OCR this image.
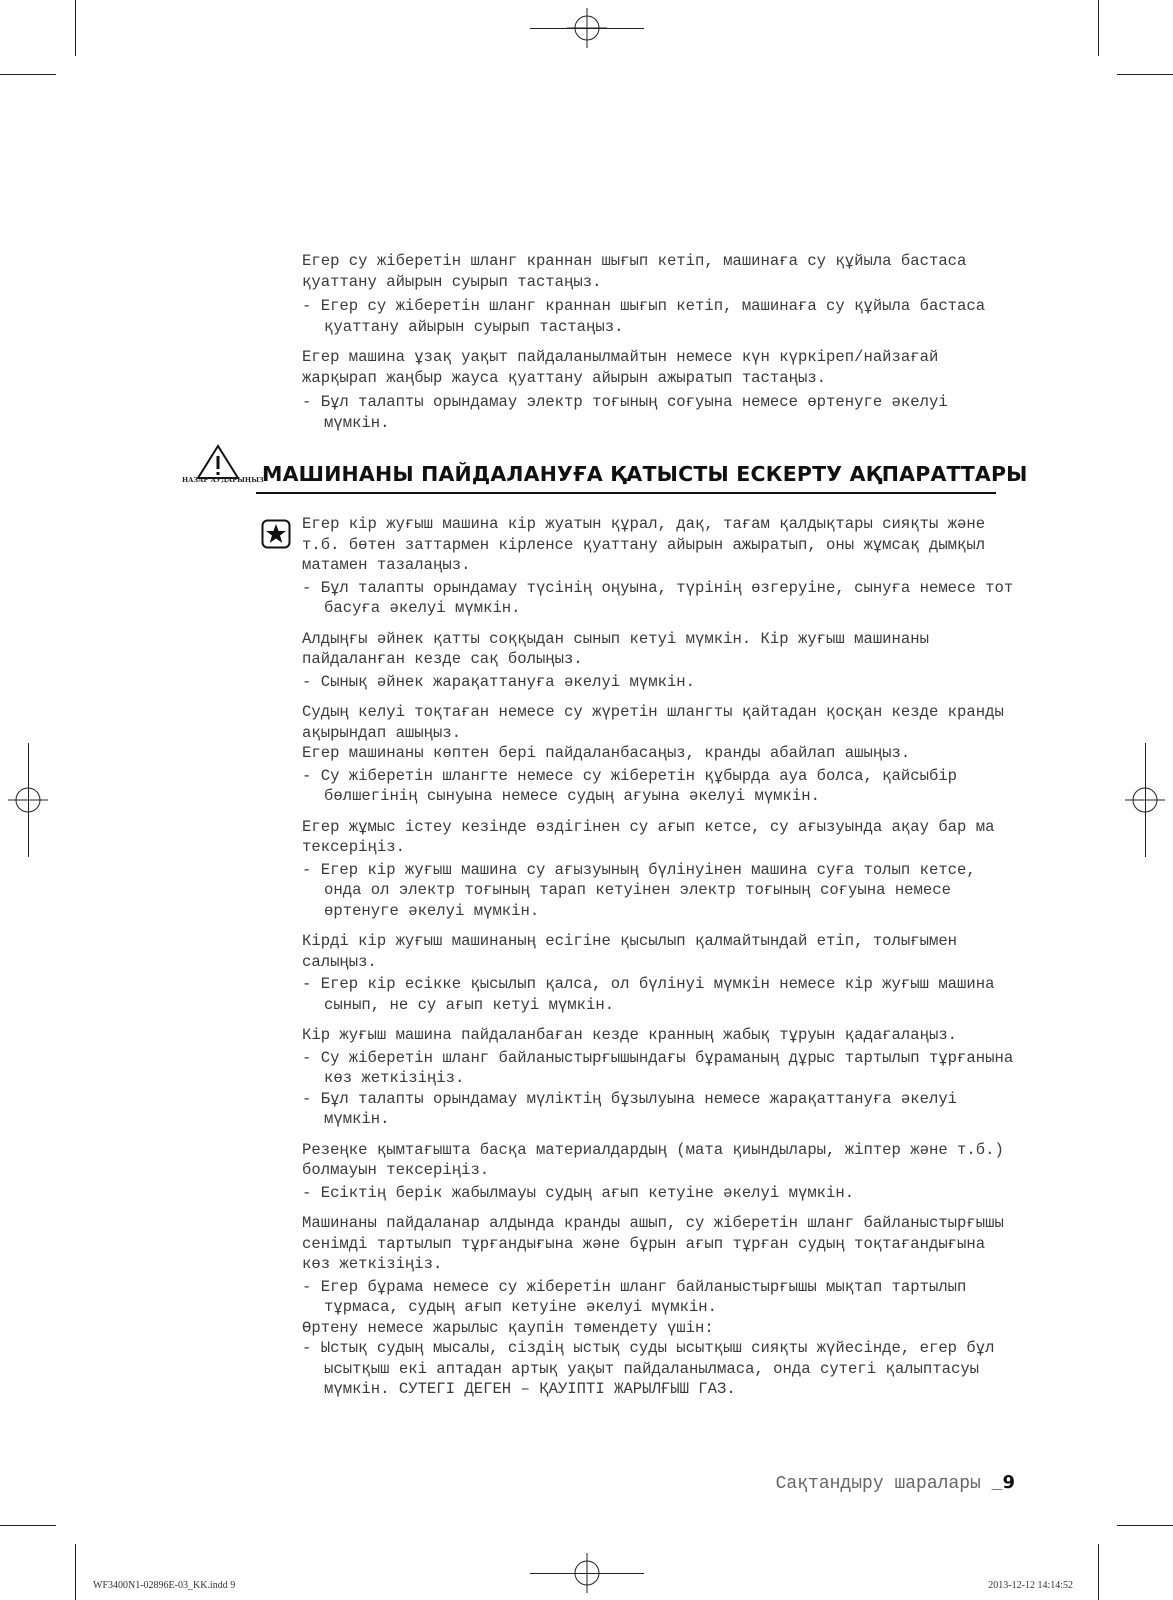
Егер су жіберетін шланг краннан шығып кетіп, машинаға су құйыла бастаса қуаттану айырын суырып тастаңыз.

- Егер су жіберетін шланг краннан шығып кетіп, машинаға су құйыла бастаса қуаттану айырын суырып тастаңыз.

Егер машина ұзақ уақыт пайдаланылмайтын немесе күн күркіреп/найзағай жарқырап жаңбыр жауса қуаттану айырын ажыратып тастаңыз.

- Бұл талапты орындамау электр тоғының соғуына немесе өртенуге әкелуі мүмкін.

НАЗАР АУДАРЫҢЫЗ
МАШИНАНЫ ПАЙДАЛАНУҒА ҚАТЫСТЫ ЕСКЕРТУ АҚПАРАТТАРЫ

Егер кір жуғыш машина кір жуатын құрал, дақ, тағам қалдықтары сияқты және т.б. бөтен заттармен кірленсе қуаттану айырын ажыратып, оны жұмсақ дымқыл матамен тазалаңыз.

- Бұл талапты орындамау түсінің оңуына, түрінің өзгеруіне, сынуға немесе тот басуға әкелуі мүмкін.

Алдыңғы әйнек қатты соққыдан сынып кетуі мүмкін. Кір жуғыш машинаны пайдаланған кезде сақ болыңыз.

- Сынық әйнек жарақаттануға әкелуі мүмкін.

Судың келуі тоқтаған немесе су жүретін шлангты қайтадан қосқан кезде кранды ақырындап ашыңыз.
Егер машинаны көптен бері пайдаланбасаңыз, кранды абайлап ашыңыз.

- Су жіберетін шлангте немесе су жіберетін құбырда ауа болса, қайсыбір бөлшегінің сынуына немесе судың ағуына әкелуі мүмкін.

Егер жұмыс істеу кезінде өздігінен су ағып кетсе, су ағызуында ақау бар ма тексеріңіз.

- Егер кір жуғыш машина су ағызуының бүлінуінен машина суға толып кетсе, онда ол электр тоғының тарап кетуінен электр тоғының соғуына немесе өртенуге әкелуі мүмкін.

Кірді кір жуғыш машинаның есігіне қысылып қалмайтындай етіп, толығымен салыңыз.

- Егер кір есікке қысылып қалса, ол бүлінуі мүмкін немесе кір жуғыш машина сынып, не су ағып кетуі мүмкін.

Кір жуғыш машина пайдаланбаған кезде кранның жабық тұруын қадағалаңыз.

- Су жіберетін шланг байланыстырғышындағы бұраманың дұрыс тартылып тұрғанына көз жеткізіңіз.

- Бұл талапты орындамау мүліктің бұзылуына немесе жарақаттануға әкелуі мүмкін.

Резеңке қымтағышта басқа материалдардың (мата қиындылары, жіптер және т.б.) болмауын тексеріңіз.

- Есіктің берік жабылмауы судың ағып кетуіне әкелуі мүмкін.

Машинаны пайдаланар алдында кранды ашып, су жіберетін шланг байланыстырғышы сенімді тартылып тұрғандығына және бұрын ағып тұрған судың тоқтағандығына көз жеткізіңіз.

- Егер бұрама немесе су жіберетін шланг байланыстырғышы мықтап тартылып тұрмаса, судың ағып кетуіне әкелуі мүмкін.

Өртену немесе жарылыс қаупін төмендету үшін:

- Ыстық судың мысалы, сіздің ыстық суды ысытқыш сияқты жүйесінде, егер бұл ысытқыш екі аптадан артық уақыт пайдаланылмаса, онда сутегі қалыптасуы мүмкін. СУТЕГІ ДЕГЕН – ҚАУІПТІ ЖАРЫЛҒЫШ ГАЗ.

Сақтандыру шаралары _9
WF3400N1-02896E-03_KK.indd 9	2013-12-12 14:14:52
